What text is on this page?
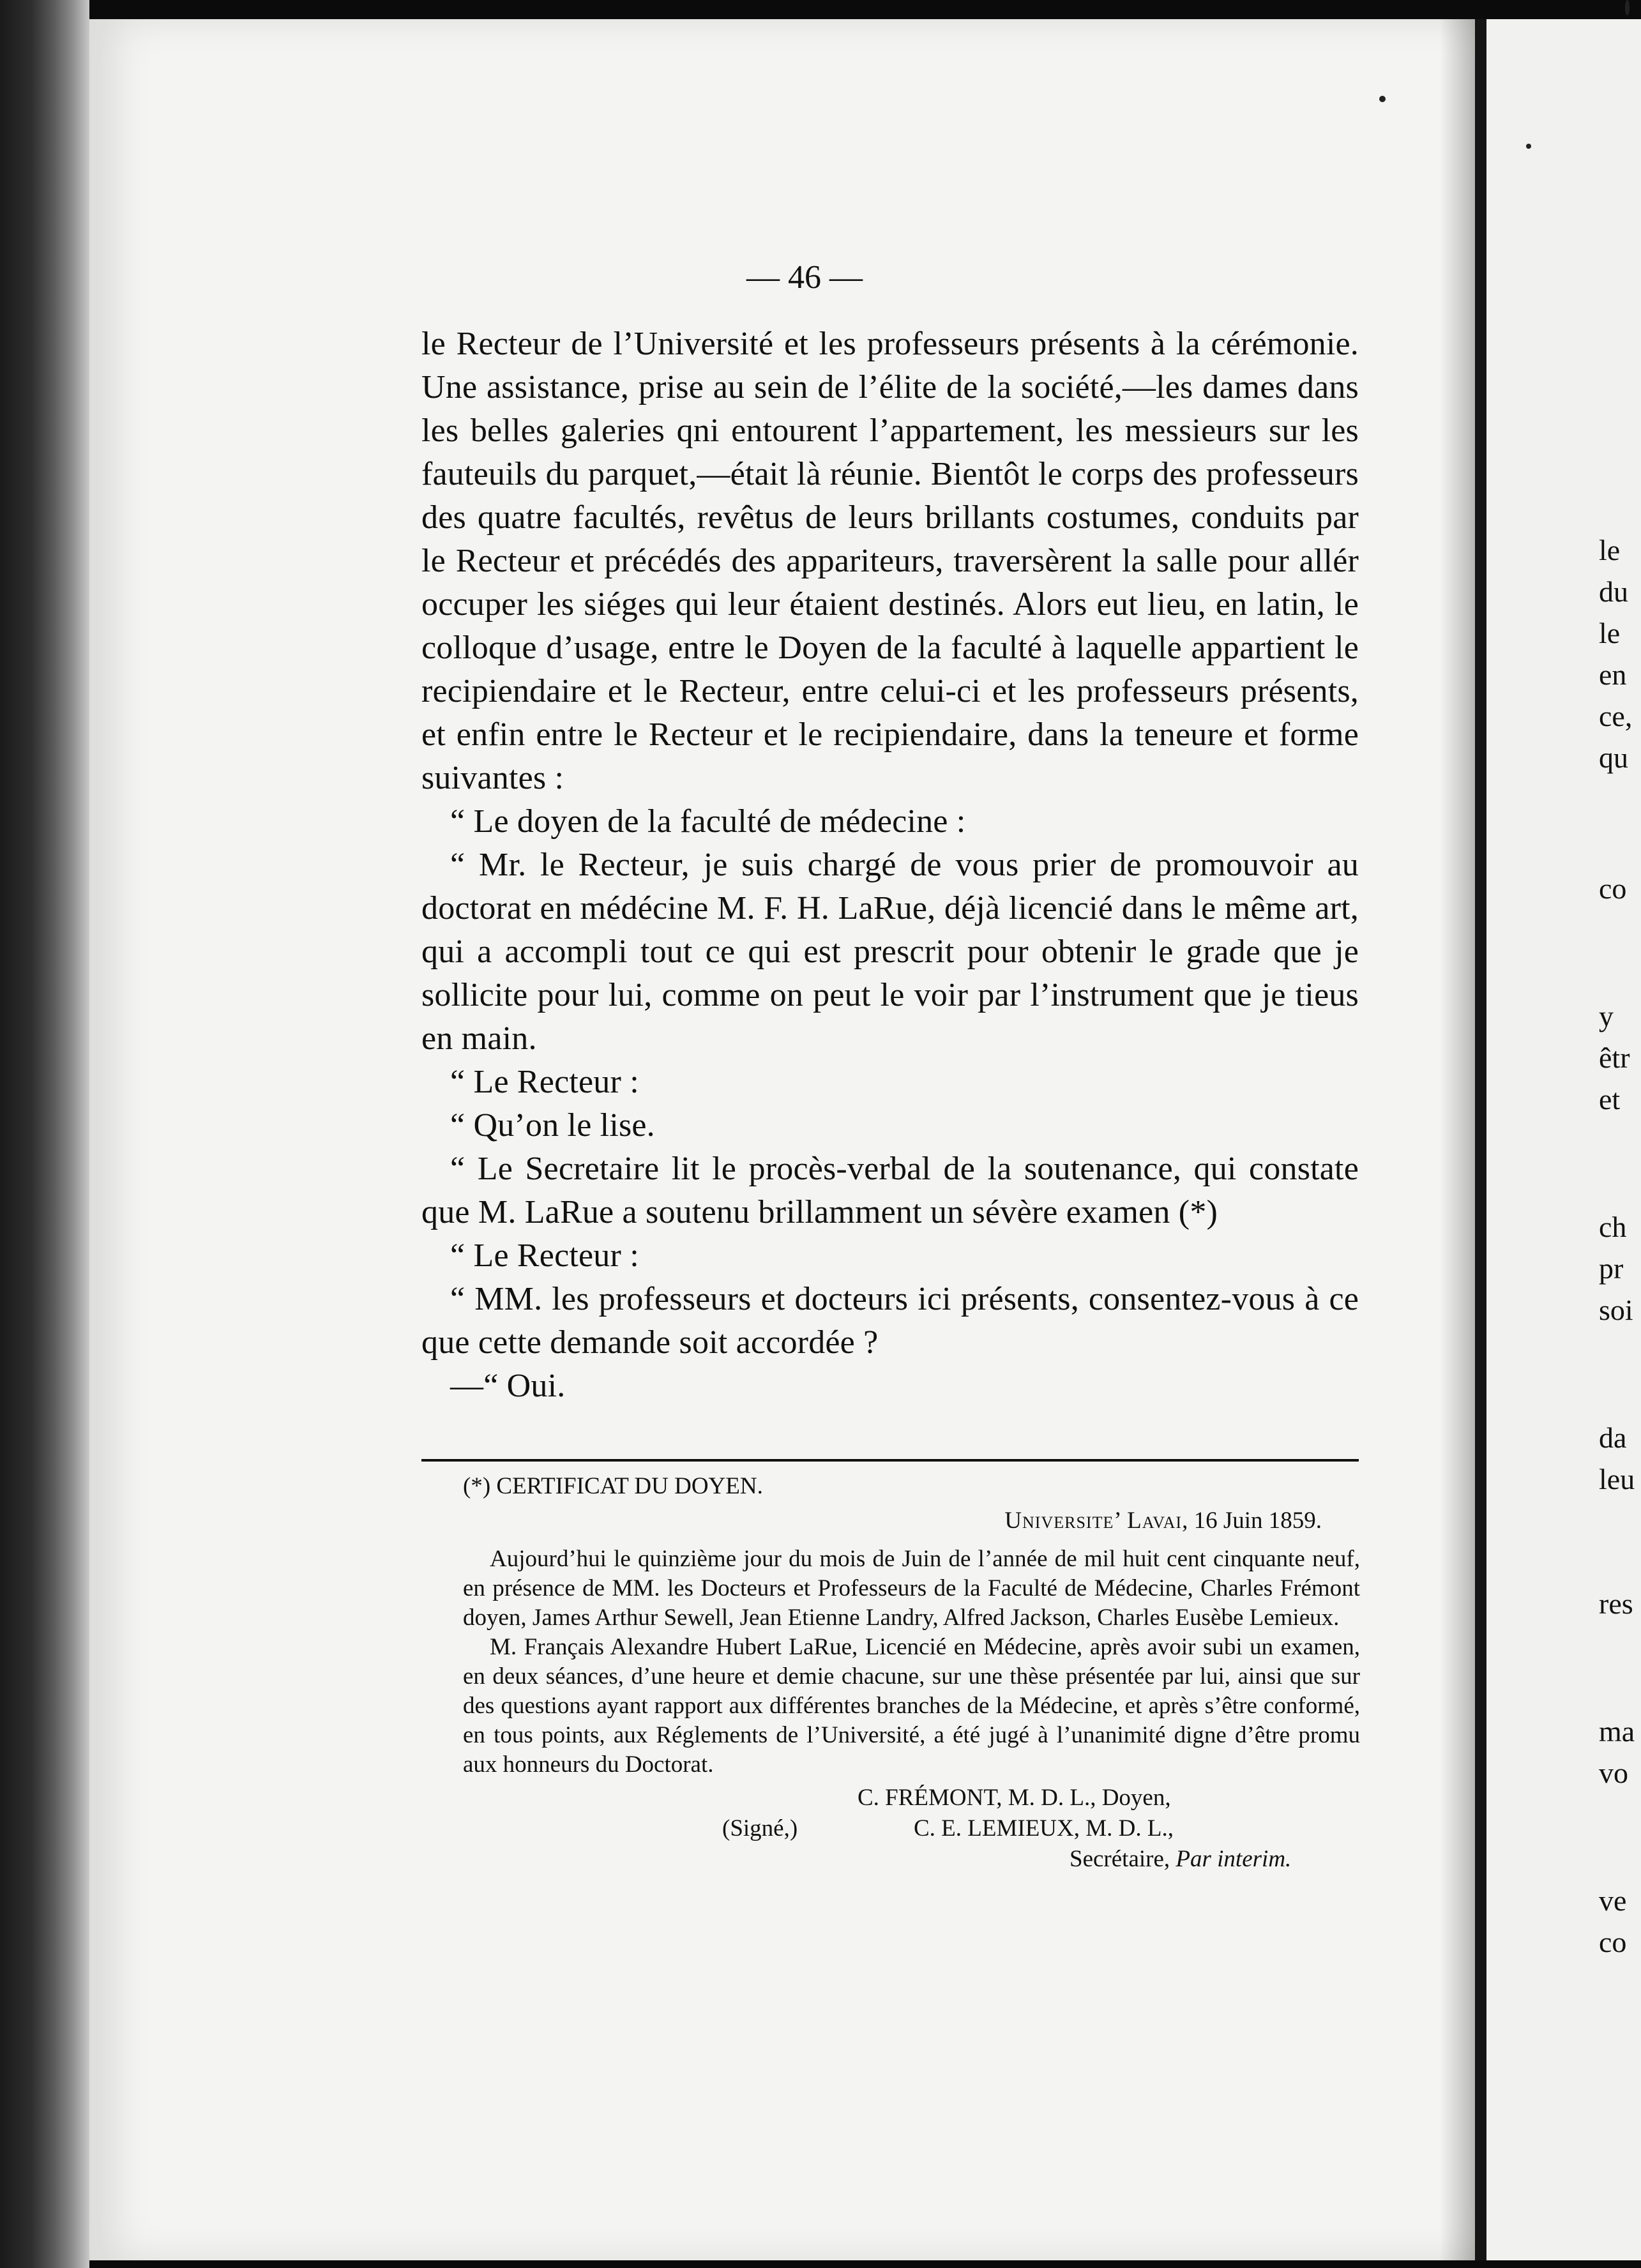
le
du
le
en
ce,
qu
co
y
êtr
et
ch
pr
soi
da
leu
res
ma
vo
ve
co
— 46 —

le Recteur de l’Université et les professeurs présents à la cérémonie. Une assistance, prise au sein de l’élite de la société,—les dames dans les belles galeries qni entourent l’appartement, les messieurs sur les fauteuils du parquet,—était là réunie. Bientôt le corps des professeurs des quatre facultés, revêtus de leurs brillants costumes, conduits par le Recteur et précédés des appariteurs, traversèrent la salle pour allér occuper les siéges qui leur étaient destinés. Alors eut lieu, en latin, le colloque d’usage, entre le Doyen de la faculté à laquelle appartient le recipiendaire et le Recteur, entre celui-ci et les professeurs présents, et enfin entre le Recteur et le recipiendaire, dans la teneure et forme suivantes :

“ Le doyen de la faculté de médecine :

“ Mr. le Recteur, je suis chargé de vous prier de promouvoir au doctorat en médécine M. F. H. LaRue, déjà licencié dans le même art, qui a accompli tout ce qui est prescrit pour obtenir le grade que je sollicite pour lui, comme on peut le voir par l’instrument que je tieus en main.

“ Le Recteur :

“ Qu’on le lise.

“ Le Secretaire lit le procès-verbal de la soutenance, qui constate que M. LaRue a soutenu brillamment un sévère examen (*)

“ Le Recteur :

“ MM. les professeurs et docteurs ici présents, consentez-vous à ce que cette demande soit accordée ?

—“ Oui.

(*) CERTIFICAT DU DOYEN.

Universite’ Lavai, 16 Juin 1859.

Aujourd’hui le quinzième jour du mois de Juin de l’année de mil huit cent cinquante neuf, en présence de MM. les Docteurs et Professeurs de la Faculté de Médecine, Charles Frémont doyen, James Arthur Sewell, Jean Etienne Landry, Alfred Jackson, Charles Eusèbe Lemieux.

M. Français Alexandre Hubert LaRue, Licencié en Médecine, après avoir subi un examen, en deux séances, d’une heure et demie chacune, sur une thèse présentée par lui, ainsi que sur des questions ayant rapport aux différentes branches de la Médecine, et après s’être conformé, en tous points, aux Réglements de l’Université, a été jugé à l’unanimité digne d’être promu aux honneurs du Doctorat.

C. FRÉMONT, M. D. L., Doyen,
(Signé,)	C. E. LEMIEUX, M. D. L.,
Secrétaire, Par interim.
